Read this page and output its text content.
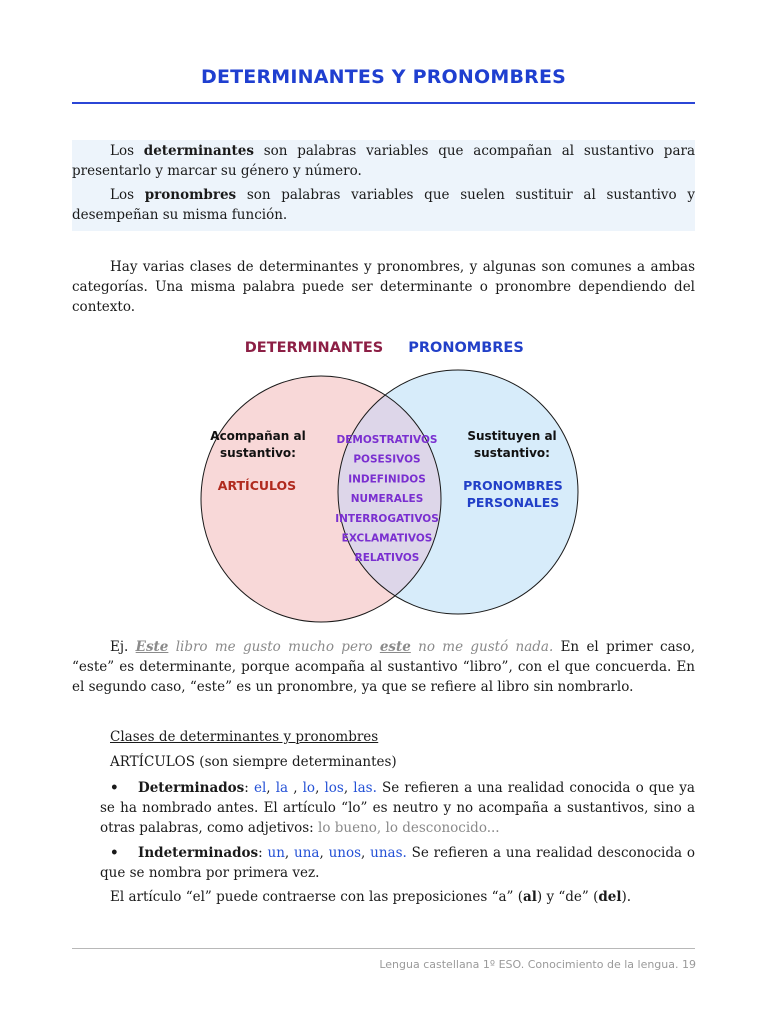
DETERMINANTES Y PRONOMBRES
Los determinantes son palabras variables que acompañan al sustantivo para presentarlo y marcar su género y número.
Los pronombres son palabras variables que suelen sustituir al sustantivo y desempeñan su misma función.
Hay varias clases de determinantes y pronombres, y algunas son comunes a ambas categorías. Una misma palabra puede ser determinante o pronombre dependiendo del contexto.
DETERMINANTES PRONOMBRES
Acompañan al
sustantivo:
ARTÍCULOS
Sustituyen al
sustantivo:
PRONOMBRES
PERSONALES
DEMOSTRATIVOS
POSESIVOS
INDEFINIDOS
NUMERALES
INTERROGATIVOS
EXCLAMATIVOS
RELATIVOS
Ej. Este libro me gusto mucho pero este no me gustó nada. En el primer caso, “este” es determinante, porque acompaña al sustantivo “libro”, con el que concuerda. En el segundo caso, “este” es un pronombre, ya que se refiere al libro sin nombrarlo.
Clases de determinantes y pronombres
ARTÍCULOS (son siempre determinantes)
• Determinados: el, la , lo, los, las. Se refieren a una realidad conocida o que ya se ha nombrado antes. El artículo “lo” es neutro y no acompaña a sustantivos, sino a otras palabras, como adjetivos: lo bueno, lo desconocido...
• Indeterminados: un, una, unos, unas. Se refieren a una realidad desconocida o que se nombra por primera vez.
El artículo “el” puede contraerse con las preposiciones “a” (al) y “de” (del).
Lengua castellana 1º ESO. Conocimiento de la lengua. 19
